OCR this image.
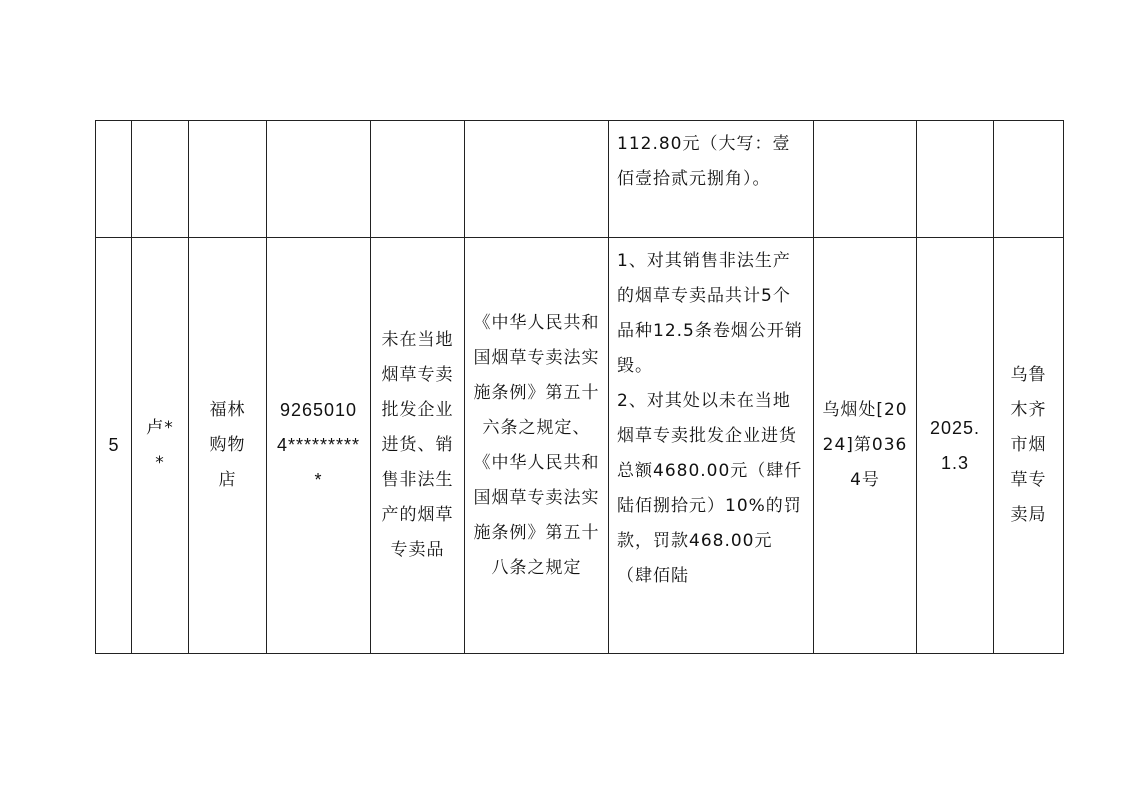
						112.80元（大写：壹佰壹拾贰元捌角）。			

5	卢**	福林购物店	92650104**********	未在当地烟草专卖批发企业进货、销售非法生产的烟草专卖品	《中华人民共和国烟草专卖法实施条例》第五十六条之规定、《中华人民共和国烟草专卖法实施条例》第五十八条之规定	1、对其销售非法生产的烟草专卖品共计5个品种12.5条卷烟公开销毁。

2、对其处以未在当地烟草专卖批发企业进货总额4680.00元（肆仟陆佰捌拾元）10%的罚款，罚款468.00元（肆佰陆	乌烟处[2024]第0364号	2025.1.3	乌鲁木齐市烟草专卖局
